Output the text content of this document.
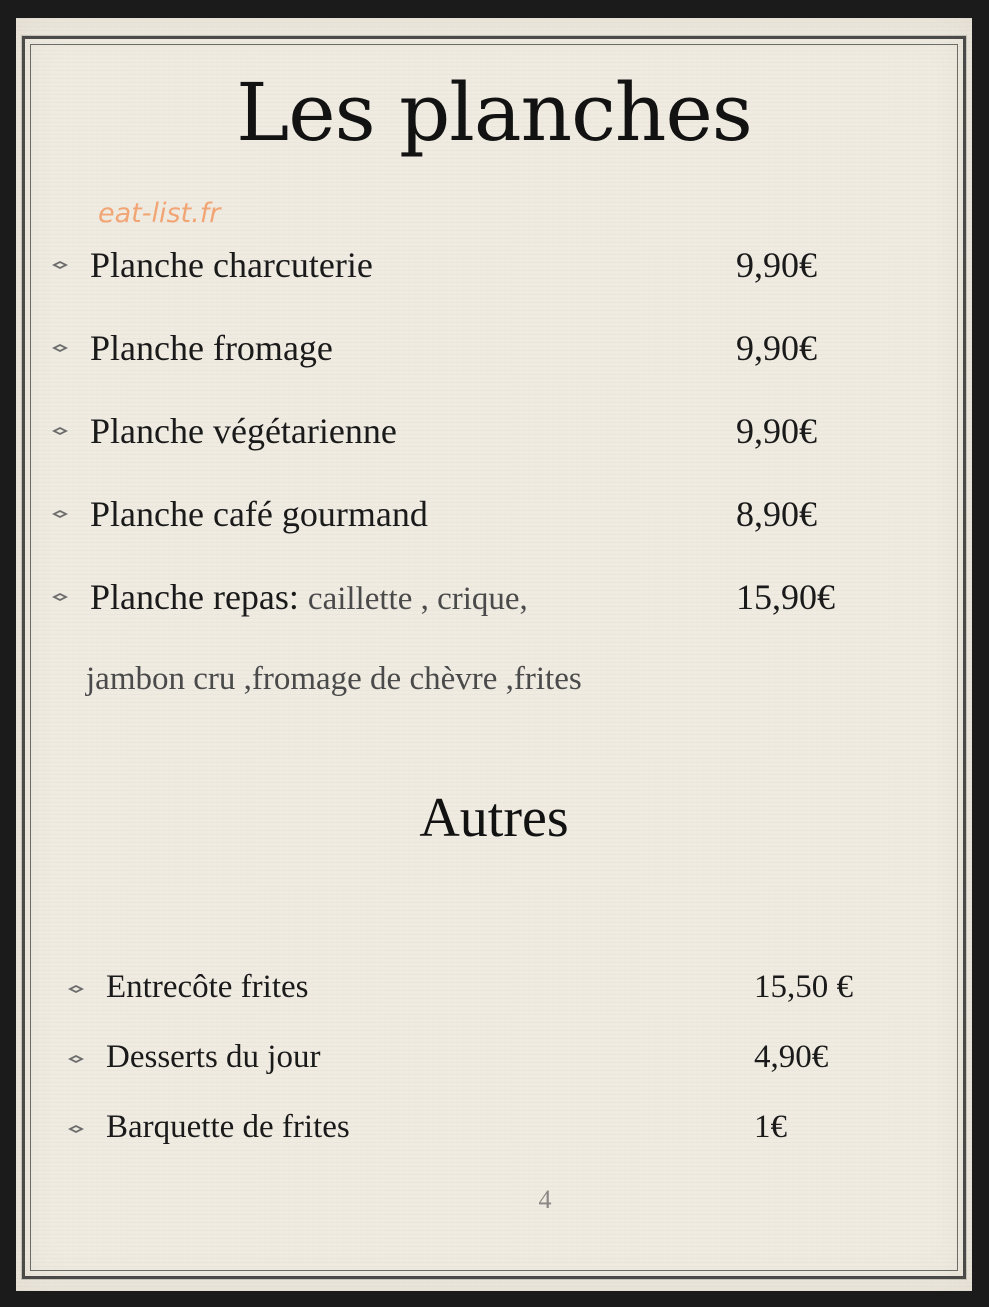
Les planches
eat-list.fr
Planche charcuterie	9,90€
Planche fromage	9,90€
Planche végétarienne	9,90€
Planche café gourmand	8,90€
Planche repas: caillette , crique,	15,90€
jambon cru ,fromage de chèvre ,frites
Autres
Entrecôte frites	15,50 €
Desserts du jour	4,90€
Barquette de frites	1€
4
